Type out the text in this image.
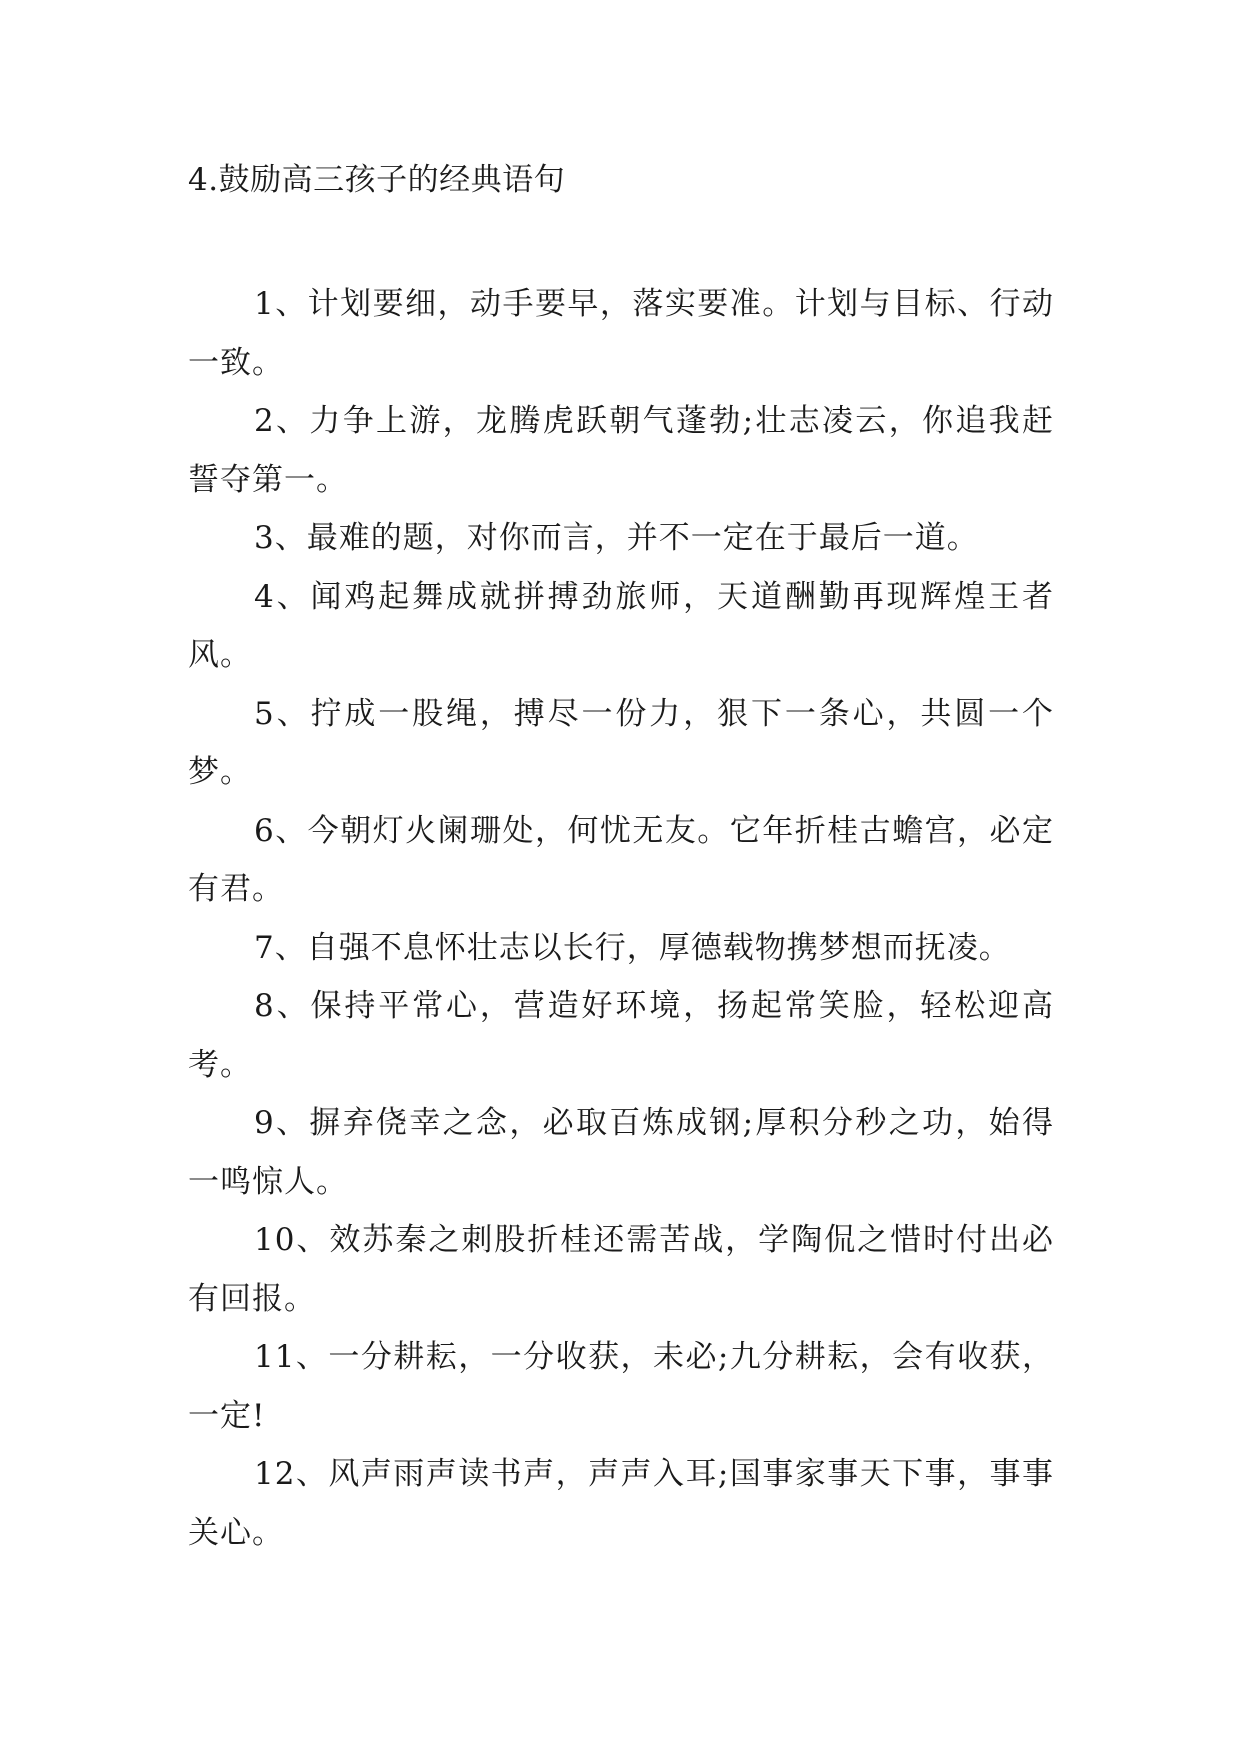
4.鼓励高三孩子的经典语句

1、计划要细，动手要早，落实要准。计划与目标、行动一致。

2、力争上游，龙腾虎跃朝气蓬勃;壮志凌云，你追我赶誓夺第一。

3、最难的题，对你而言，并不一定在于最后一道。

4、闻鸡起舞成就拼搏劲旅师，天道酬勤再现辉煌王者风。

5、拧成一股绳，搏尽一份力，狠下一条心，共圆一个梦。

6、今朝灯火阑珊处，何忧无友。它年折桂古蟾宫，必定有君。

7、自强不息怀壮志以长行，厚德载物携梦想而抚凌。

8、保持平常心，营造好环境，扬起常笑脸，轻松迎高考。

9、摒弃侥幸之念，必取百炼成钢;厚积分秒之功，始得一鸣惊人。

10、效苏秦之刺股折桂还需苦战，学陶侃之惜时付出必有回报。

11、一分耕耘，一分收获，未必;九分耕耘，会有收获，一定!

12、风声雨声读书声，声声入耳;国事家事天下事，事事关心。
